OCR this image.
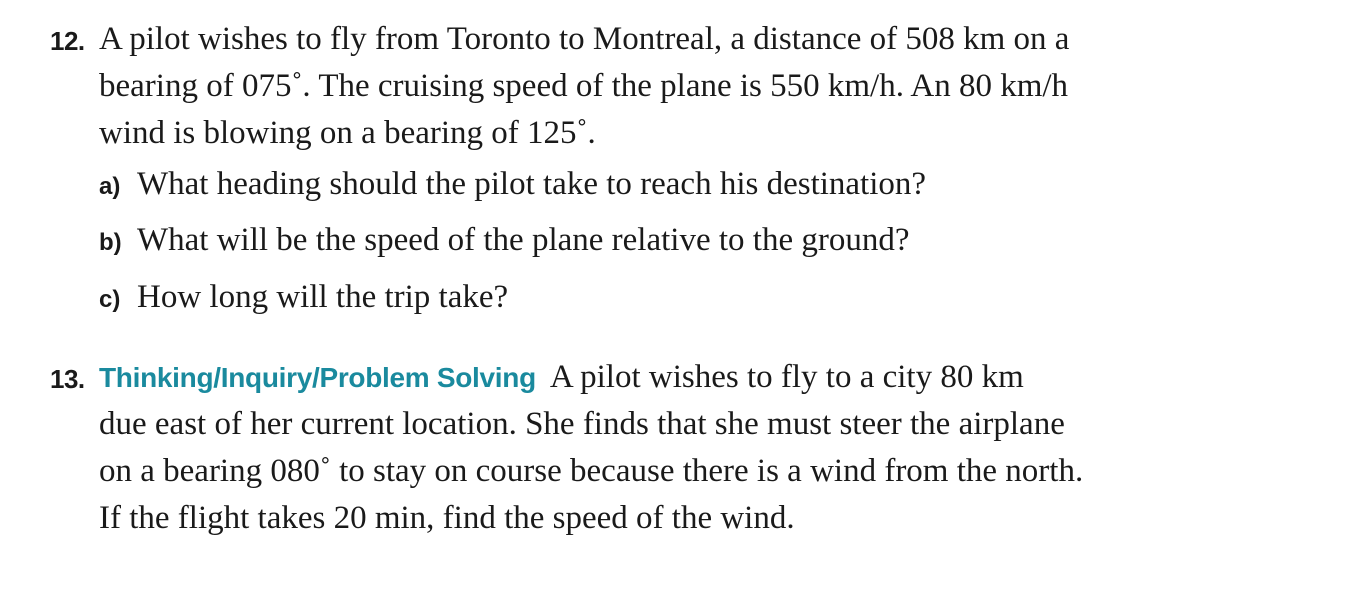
12. A pilot wishes to fly from Toronto to Montreal, a distance of 508 km on a
bearing of 075˚. The cruising speed of the plane is 550 km/h. An 80 km/h
wind is blowing on a bearing of 125˚.
a) What heading should the pilot take to reach his destination?
b) What will be the speed of the plane relative to the ground?
c) How long will the trip take?
13. Thinking/Inquiry/Problem Solving A pilot wishes to fly to a city 80 km
due east of her current location. She finds that she must steer the airplane
on a bearing 080˚ to stay on course because there is a wind from the north.
If the flight takes 20 min, find the speed of the wind.
